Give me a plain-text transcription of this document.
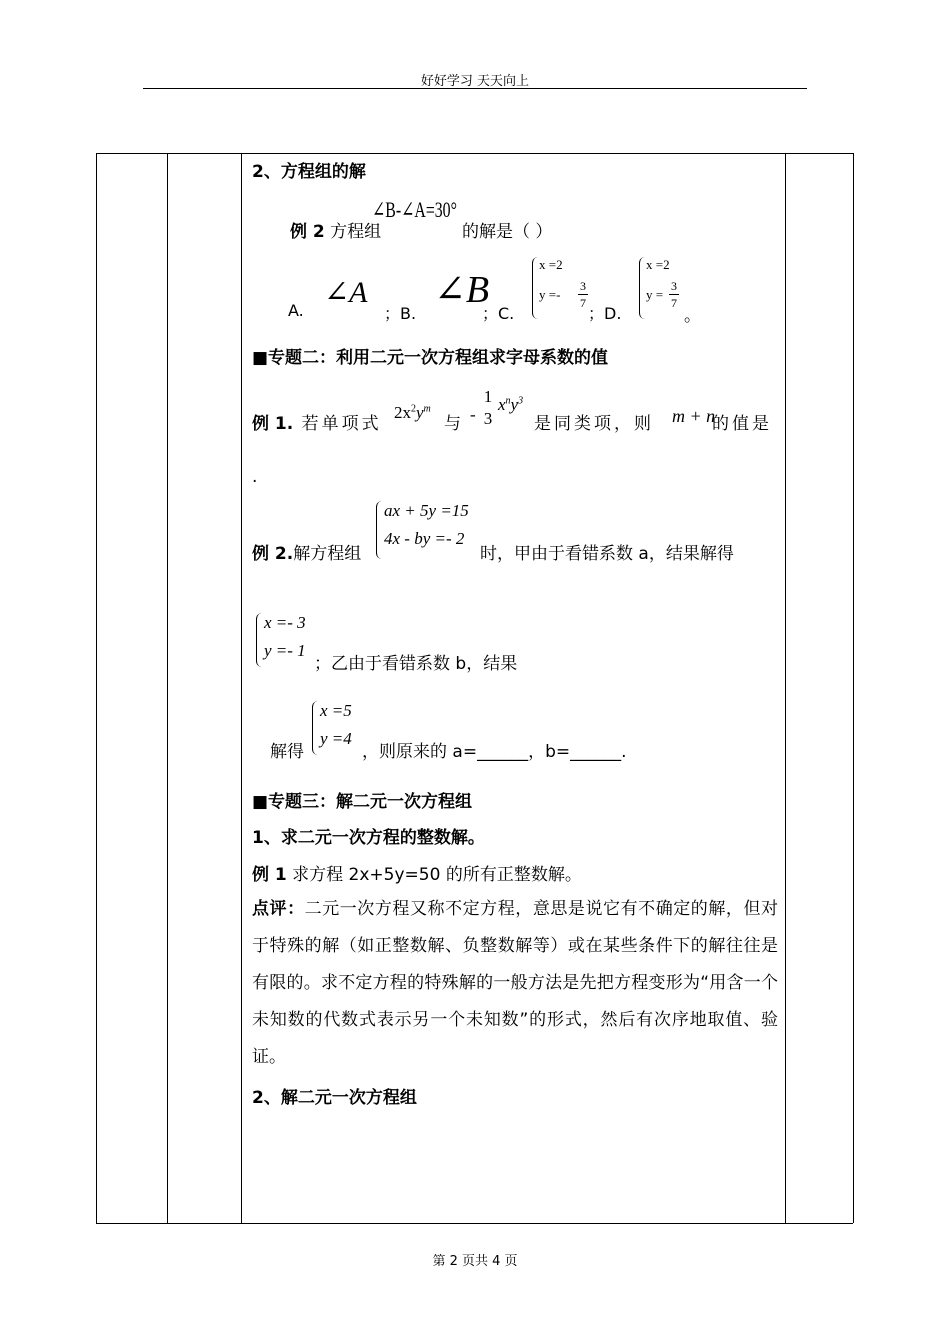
好好学习 天天向上
2、方程组的解
例 2 方程组
∠B-∠A=30°
的解是（ ）
A.
∠A
；B.
∠B
；C.
x =2
y =-
3
7
；D.
x =2
y =
3
7
。
■专题二：利用二元一次方程组求字母系数的值
例 1. 若单项式
$2x^2y^m$
与 -
1
3
$x^ny^3$
是同类项，则 m + n
的值是
.
例 2.解方程组
ax + 5y =15
4x - by =- 2
时，甲由于看错系数 a，结果解得
x =- 3
y =- 1
；乙由于看错系数 b，结果
解得
x =5
y =4
，则原来的 a=______，b=______.
■专题三：解二元一次方程组
1、求二元一次方程的整数解。
例 1 求方程 2x+5y=50 的所有正整数解。
点评：二元一次方程又称不定方程，意思是说它有不确定的解，但对于特殊的解（如正整数解、负整数解等）或在某些条件下的解往往是有限的。求不定方程的特殊解的一般方法是先把方程变形为“用含一个未知数的代数式表示另一个未知数”的形式，然后有次序地取值、验证。
2、解二元一次方程组
第 2 页共 4 页
